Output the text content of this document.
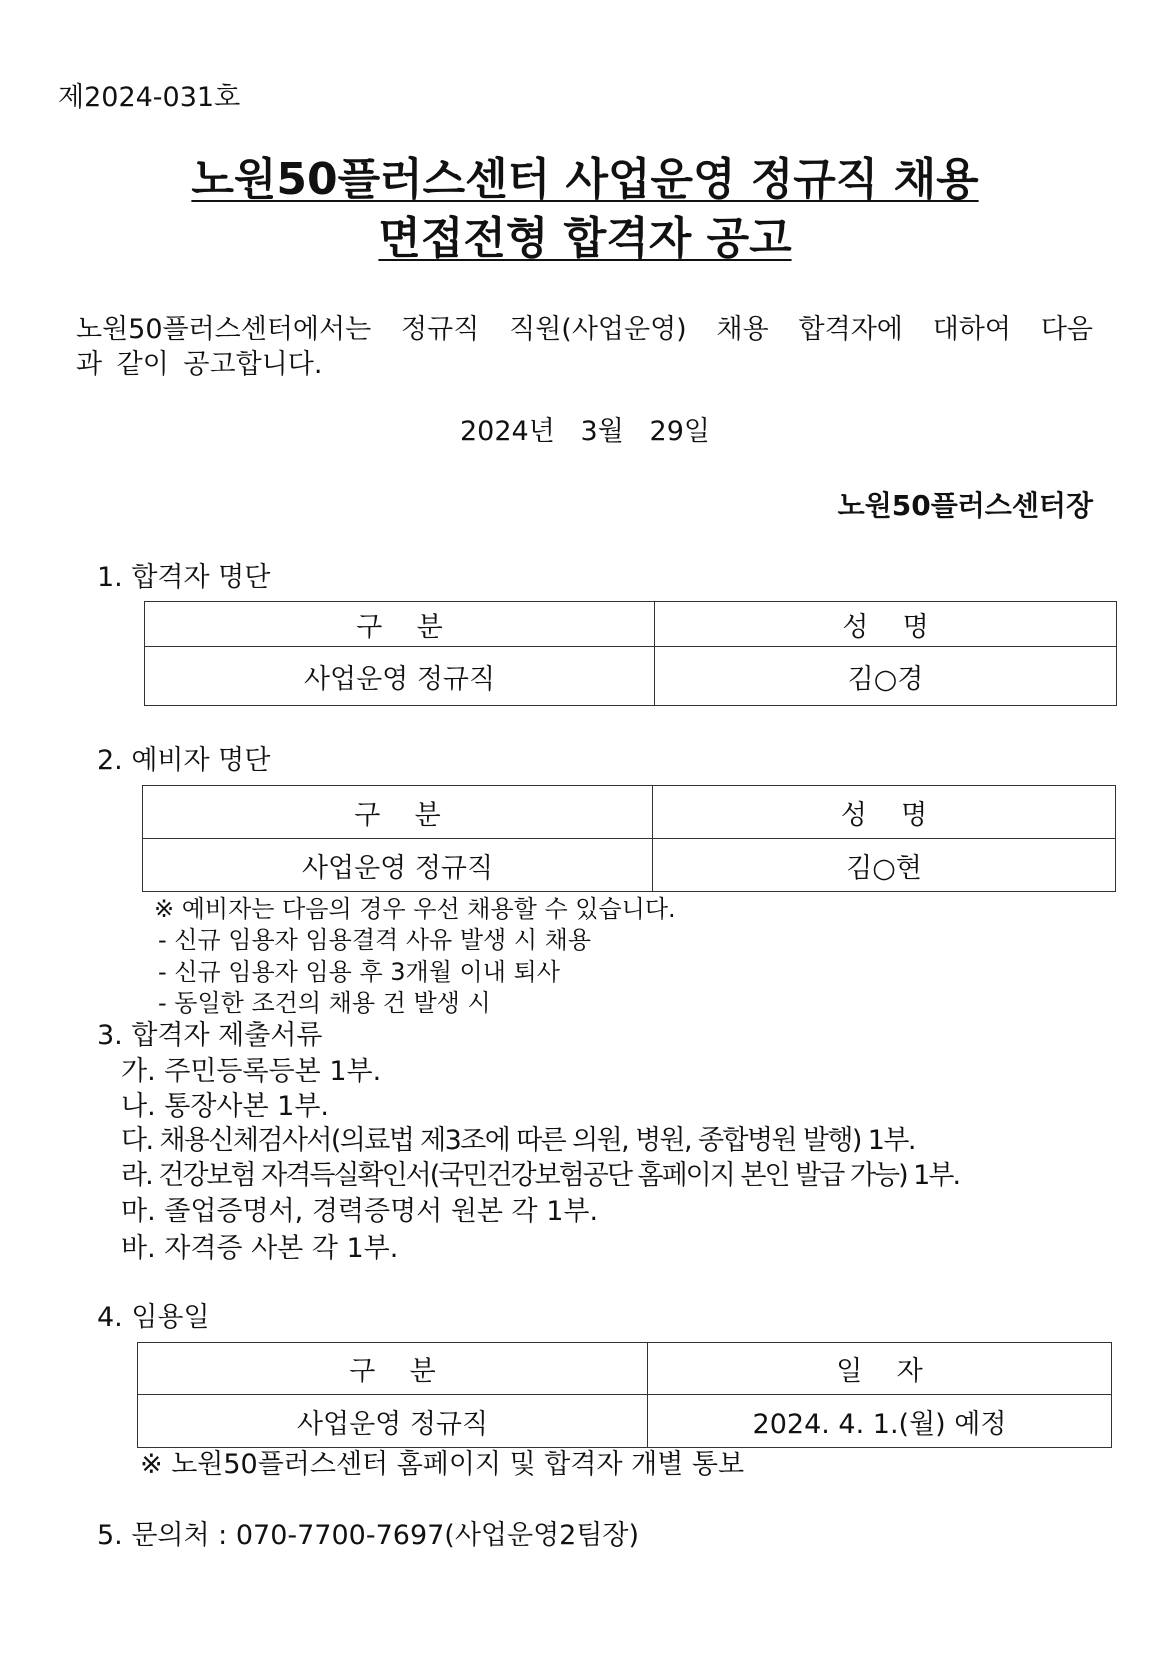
제2024-031호
노원50플러스센터 사업운영 정규직 채용
면접전형 합격자 공고
노원50플러스센터에서는 정규직 직원(사업운영) 채용 합격자에 대하여 다음
과 같이 공고합니다.
2024년   3월   29일
노원50플러스센터장
1. 합격자 명단
구    분	성    명
사업운영 정규직	김○경
2. 예비자 명단
구    분	성    명
사업운영 정규직	김○현
※ 예비자는 다음의 경우 우선 채용할 수 있습니다.
- 신규 임용자 임용결격 사유 발생 시 채용
- 신규 임용자 임용 후 3개월 이내 퇴사
- 동일한 조건의 채용 건 발생 시
3. 합격자 제출서류
가. 주민등록등본 1부.
나. 통장사본 1부.
다. 채용신체검사서(의료법 제3조에 따른 의원, 병원, 종합병원 발행) 1부.
라. 건강보험 자격득실확인서(국민건강보험공단 홈페이지 본인 발급 가능) 1부.
마. 졸업증명서, 경력증명서 원본 각 1부.
바. 자격증 사본 각 1부.
4. 임용일
구    분	일    자
사업운영 정규직	2024. 4. 1.(월) 예정
※ 노원50플러스센터 홈페이지 및 합격자 개별 통보
5. 문의처 : 070-7700-7697(사업운영2팀장)
